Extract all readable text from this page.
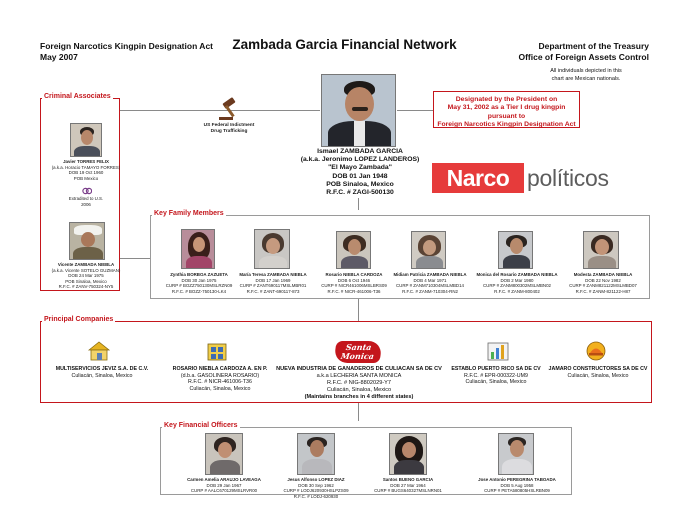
Foreign Narcotics Kingpin Designation Act
May 2007
Zambada Garcia Financial Network	Department of the Treasury
Office of Foreign Assets Control
All individuals depicted in this
chart are Mexican nationals.
Criminal Associates
Javier TORRES FELIX
(a.k.a. Horacio TAMAYO FORRES)
DOB 19 Oct 1960
POB Mexico
Extradited to U.S.
2006
Vicente ZAMBADA NIEBLA
(a.k.a. Vicente SOTELO GUZMAN)
DOB 24 Mar 1975
POB Sinaloa, Mexico
R.F.C. # ZANV-750324-NY5
US Federal Indictment
Drug Trafficking
Ismael ZAMBADA GARCIA
(a.k.a. Jeronimo LOPEZ LANDEROS)
"El Mayo Zambada"
DOB 01 Jan 1948
POB Sinaloa, Mexico
R.F.C. # ZAGI-500130
Designated by the President on
May 31, 2002 as a Tier I drug kingpin pursuant to
Foreign Narcotics Kingpin Designation Act
Narco políticos
Key Family Members
Zynthia BORBOA ZAZUETA
DOB 30 Jan 1975
CURP # BOZZ750130MSLRZN09
R.F.C. # BOZZ-750130-LK4
María Teresa ZAMBADA NIEBLA
DOB 17 Jan 1969
CURP # ZANT690117MSLMBR01
R.F.C. # ZANT-690117-873
Rosario NIEBLA CARDOZA
DOB 6 Oct 1946
CURP # NICR461006MSLBRS09
R.F.C. # NICR-461006-T36
Midiam Patricia ZAMBADA NIEBLA
DOB 4 Mar 1971
CURP # ZANM710304MSLMBD14
R.F.C. # ZANM-710304-RN2
Monica del Rosario ZAMBADA NIEBLA
DOB 2 Mar 1980
CURP # ZANM800302MSLMBN02
R.F.C. # ZANM-800402
Modesta ZAMBADA NIEBLA
DOB 22 Nov 1982
CURP # ZANM821122MSLMBD07
R.F.C. # ZANM-821122-H87
Principal Companies
Santa
Monica
MULTISERVICIOS JEVIZ S.A. DE C.V.
Culiacán, Sinaloa, Mexico
ROSARIO NIEBLA CARDOZA A. EN P.
(d.b.a. GASOLINERA ROSARIO)
R.F.C. # NICR-461006-T36
Culiacán, Sinaloa, Mexico
NUEVA INDUSTRIA DE GANADEROS DE CULIACAN SA DE CV
a.k.a LECHERIA SANTA MONICA
R.F.C. # NIG-8802029-Y7
Culiacán, Sinaloa, Mexico
(Maintains branches in 4 different states)
ESTABLO PUERTO RICO SA DE CV
R.F.C. # EPR-000322-UM9
Culiacán, Sinaloa, Mexico
JAMARO CONSTRUCTORES SA DE CV
Culiacán, Sinaloa, Mexico
Key Financial Officers
Carmen Amelia ARAUJO LAVEAGA
DOB 29 Jan 1967
CURP # AALC670129MSLRVR00
Jesus Alfonso LOPEZ DIAZ
DOB 30 Sep 1962
CURP # LODJ620930HSLPZS09
R.F.C. # LODJ-620930
Santos BUENO GARCIA
DOB 27 Mar 1964
CURP # BUGS640327MSLNRN01
Jose Antonio PEREGRINA TABOADA
DOB 5 Aug 1958
CURP # PETA580805HSLRBN09
